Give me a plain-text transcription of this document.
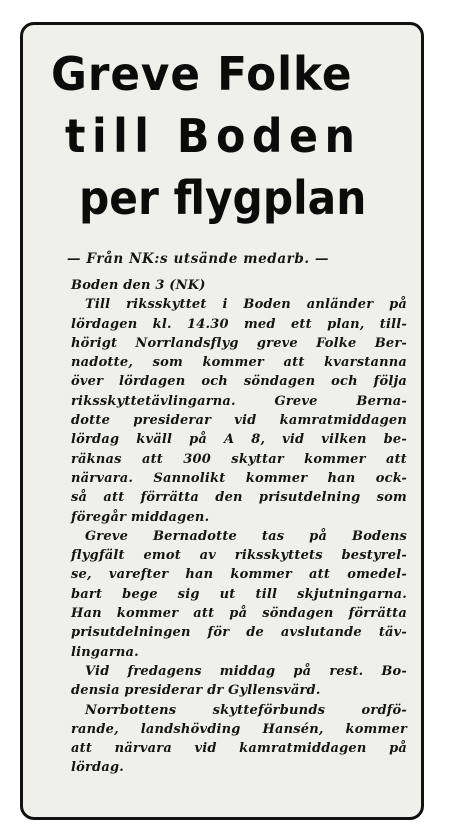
Greve Folke
till Boden
per flygplan
— Från NK:s utsände medarb. —
Boden den 3 (NK)
Till riksskyttet i Boden anländer på
lördagen kl. 14.30 med ett plan, till-
hörigt Norrlandsflyg greve Folke Ber-
nadotte, som kommer att kvarstanna
över lördagen och söndagen och följa
riksskyttetävlingarna. Greve Berna-
dotte presiderar vid kamratmiddagen
lördag kväll på A 8, vid vilken be-
räknas att 300 skyttar kommer att
närvara. Sannolikt kommer han ock-
så att förrätta den prisutdelning som
föregår middagen.
Greve Bernadotte tas på Bodens
flygfält emot av riksskyttets bestyrel-
se, varefter han kommer att omedel-
bart bege sig ut till skjutningarna.
Han kommer att på söndagen förrätta
prisutdelningen för de avslutande täv-
lingarna.
Vid fredagens middag på rest. Bo-
densia presiderar dr Gyllensvärd.
Norrbottens skytteförbunds ordfö-
rande, landshövding Hansén, kommer
att närvara vid kamratmiddagen på
lördag.
